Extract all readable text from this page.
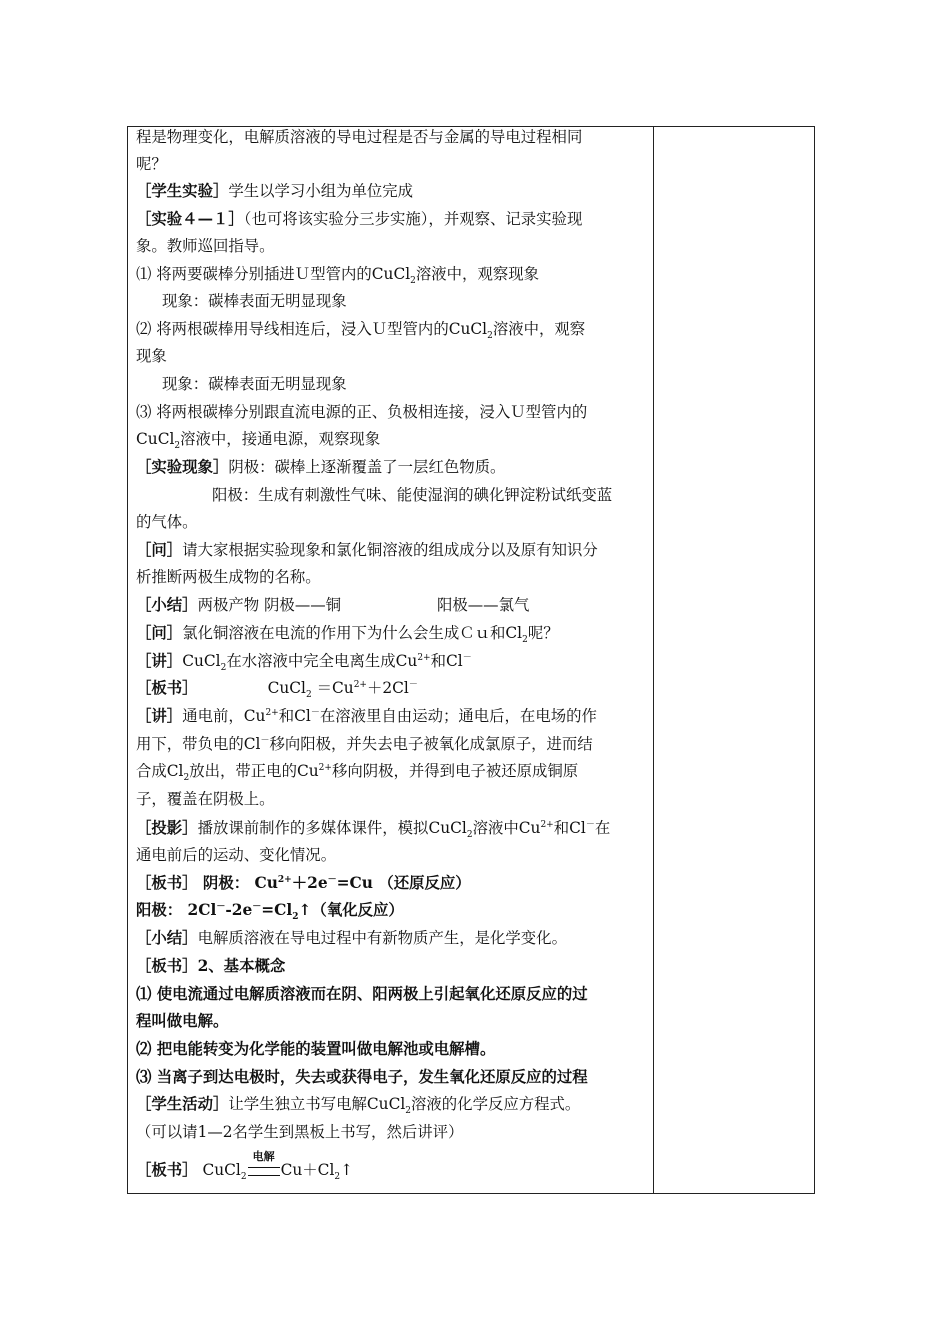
程是物理变化，电解质溶液的导电过程是否与金属的导电过程相同
呢？
［学生实验］学生以学习小组为单位完成
［实验４—１］（也可将该实验分三步实施），并观察、记录实验现
象。教师巡回指导。
⑴ 将两要碳棒分别插进Ｕ型管内的CuCl$_2$溶液中，观察现象
现象：碳棒表面无明显现象
⑵ 将两根碳棒用导线相连后，浸入Ｕ型管内的CuCl$_2$溶液中，观察
现象
现象：碳棒表面无明显现象
⑶ 将两根碳棒分别跟直流电源的正、负极相连接，浸入Ｕ型管内的
CuCl$_2$溶液中，接通电源，观察现象
［实验现象］阴极：碳棒上逐渐覆盖了一层红色物质。
阳极：生成有刺激性气味、能使湿润的碘化钾淀粉试纸变蓝
的气体。
［问］请大家根据实验现象和氯化铜溶液的组成成分以及原有知识分
析推断两极生成物的名称。
［小结］两极产物 阴极——铜	阳极——氯气
［问］氯化铜溶液在电流的作用下为什么会生成Ｃｕ和$Cl_2$呢？
［讲］CuCl$_2$在水溶液中完全电离生成$Cu^{2+}$和Cl－
［板书］	CuCl$_2$ $=Cu^{2+}+2Cl^-$
［讲］通电前，$Cu^{2+}$和Cl－在溶液里自由运动；通电后，在电场的作
用下，带负电的Cl－移向阳极，并失去电子被氧化成氯原子，进而结
合成$Cl_2$放出，带正电的$Cu^{2+}$移向阴极，并得到电子被还原成铜原
子，覆盖在阴极上。
［投影］播放课前制作的多媒体课件，模拟CuCl$_2$溶液中$Cu^{2+}$和Cl－在
通电前后的运动、变化情况。
［板书］ 阴极： $Cu^{2+}+2e^-=Cu$ （还原反应）
阳极： $2Cl^--2e^-=Cl_2↑$（氧化反应）
［小结］电解质溶液在导电过程中有新物质产生，是化学变化。
［板书］2、基本概念
⑴ 使电流通过电解质溶液而在阴、阳两极上引起氧化还原反应的过
程叫做电解。
⑵ 把电能转变为化学能的装置叫做电解池或电解槽。
⑶ 当离子到达电极时，失去或获得电子，发生氧化还原反应的过程
［学生活动］让学生独立书写电解CuCl$_2$溶液的化学反应方程式。
（可以请1—2名学生到黑板上书写，然后讲评）
［板书］ CuCl$_2$
电解
$Cu+Cl_2↑$
